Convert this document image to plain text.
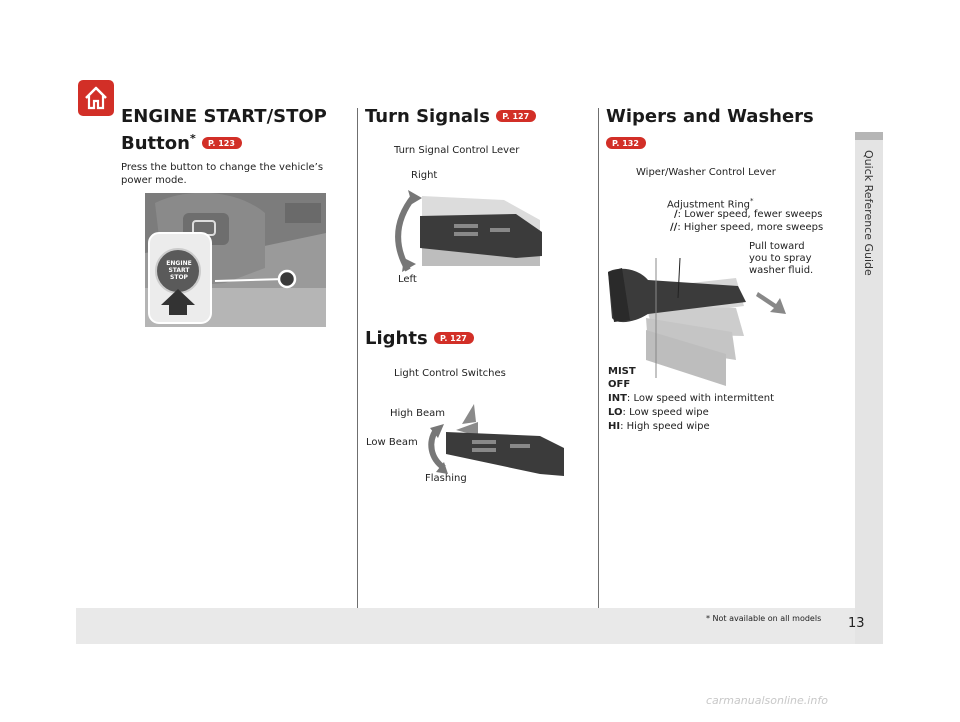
Quick Reference Guide
ENGINE START/STOP
Button* P. 123
Press the button to change the vehicle’s power mode.
ENGINE
START
STOP
Turn Signals P. 127
Turn Signal Control Lever
Right
Left
Lights P. 127
Light Control Switches
High Beam
Low Beam
Flashing
Wipers and Washers
P. 132
Wiper/Washer Control Lever
Adjustment Ring*
∕: Lower speed, fewer sweeps
∕∕: Higher speed, more sweeps
Pull toward
you to spray
washer fluid.
MIST
OFF
INT: Low speed with intermittent
LO: Low speed wipe
HI: High speed wipe
* Not available on all models 13
carmanualsonline.info
